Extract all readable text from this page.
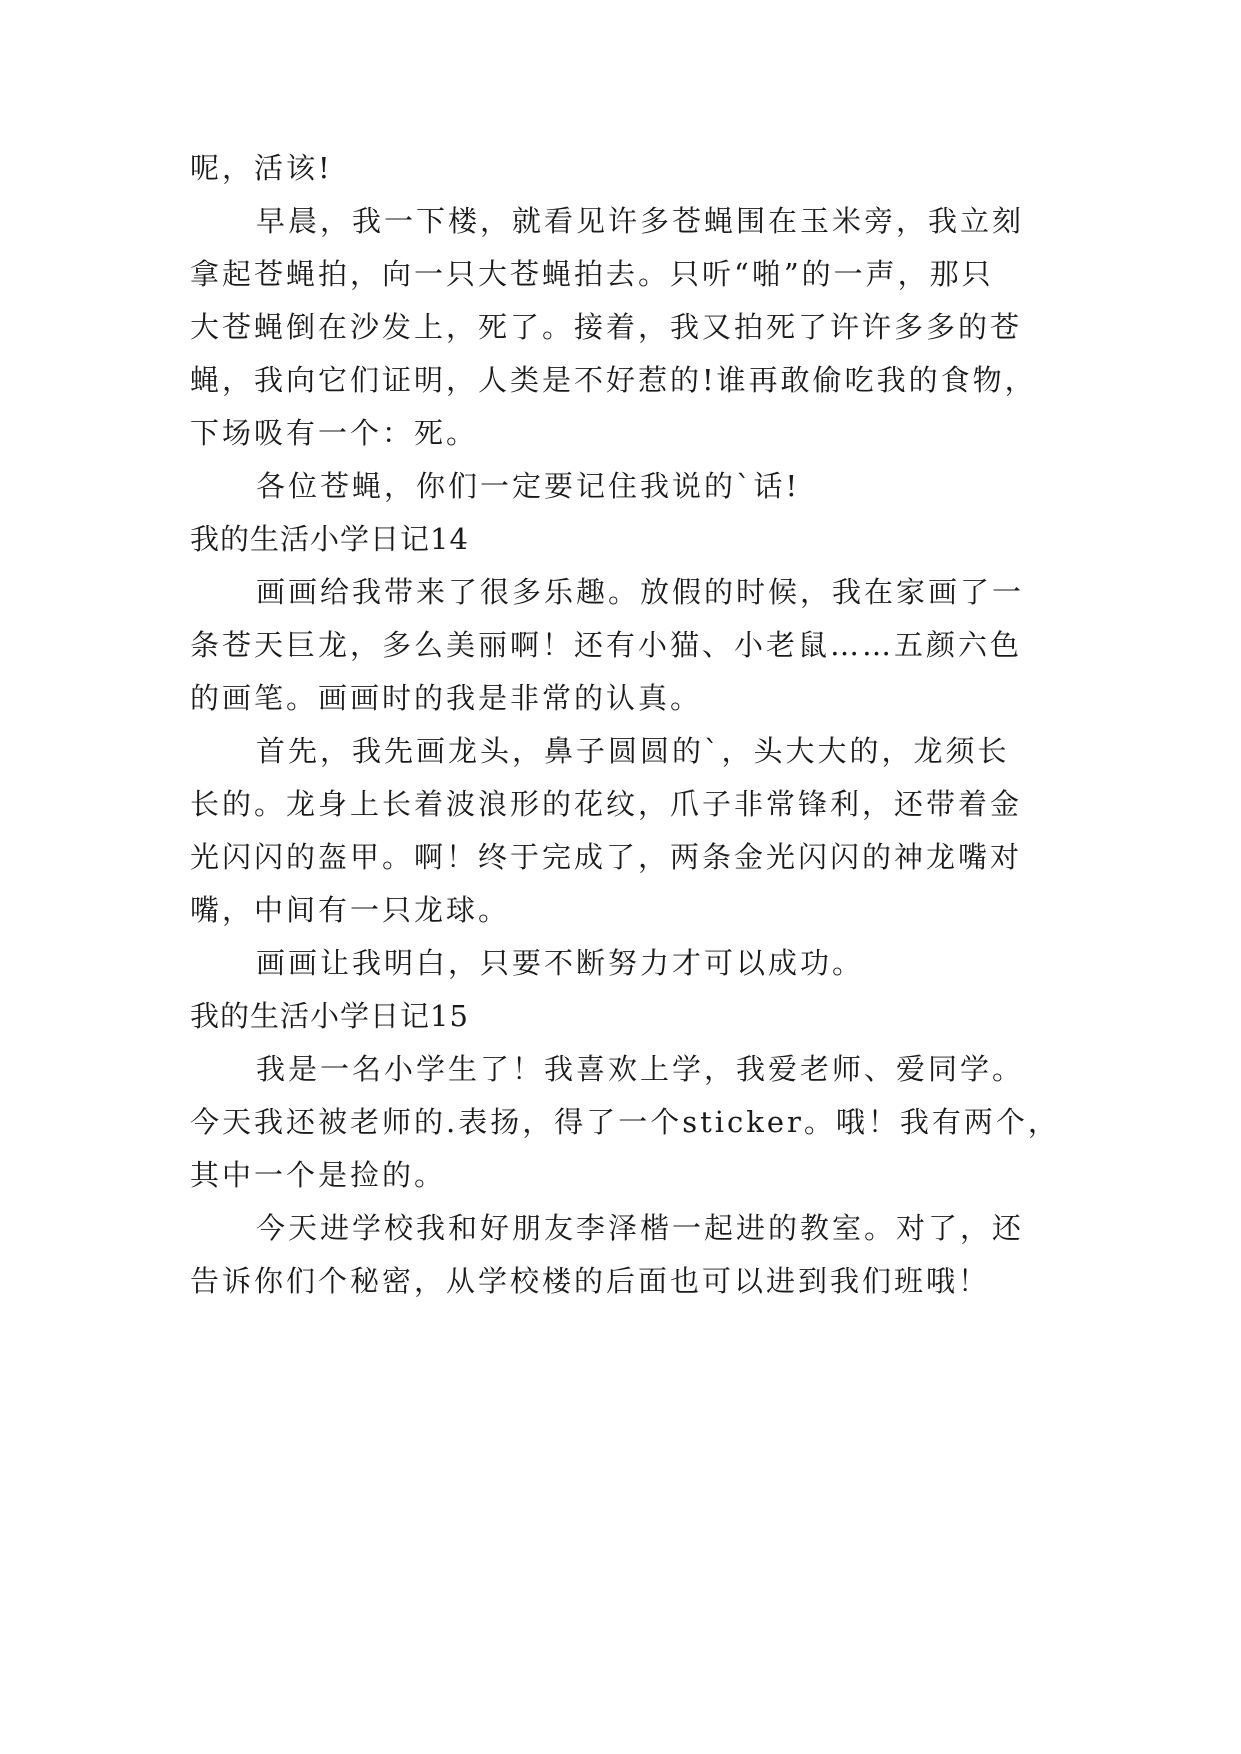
呢，活该!
早晨，我一下楼，就看见许多苍蝇围在玉米旁，我立刻
拿起苍蝇拍，向一只大苍蝇拍去。只听“啪”的一声，那只
大苍蝇倒在沙发上，死了。接着，我又拍死了许许多多的苍
蝇，我向它们证明，人类是不好惹的!谁再敢偷吃我的食物，
下场吸有一个：死。
各位苍蝇，你们一定要记住我说的`话!
我的生活小学日记14
画画给我带来了很多乐趣。放假的时候，我在家画了一
条苍天巨龙，多么美丽啊！还有小猫、小老鼠……五颜六色
的画笔。画画时的我是非常的认真。
首先，我先画龙头，鼻子圆圆的`，头大大的，龙须长
长的。龙身上长着波浪形的花纹，爪子非常锋利，还带着金
光闪闪的盔甲。啊！终于完成了，两条金光闪闪的神龙嘴对
嘴，中间有一只龙球。
画画让我明白，只要不断努力才可以成功。
我的生活小学日记15
我是一名小学生了！我喜欢上学，我爱老师、爱同学。
今天我还被老师的.表扬，得了一个sticker。哦！我有两个，
其中一个是捡的。
今天进学校我和好朋友李泽楷一起进的教室。对了，还
告诉你们个秘密，从学校楼的后面也可以进到我们班哦！
